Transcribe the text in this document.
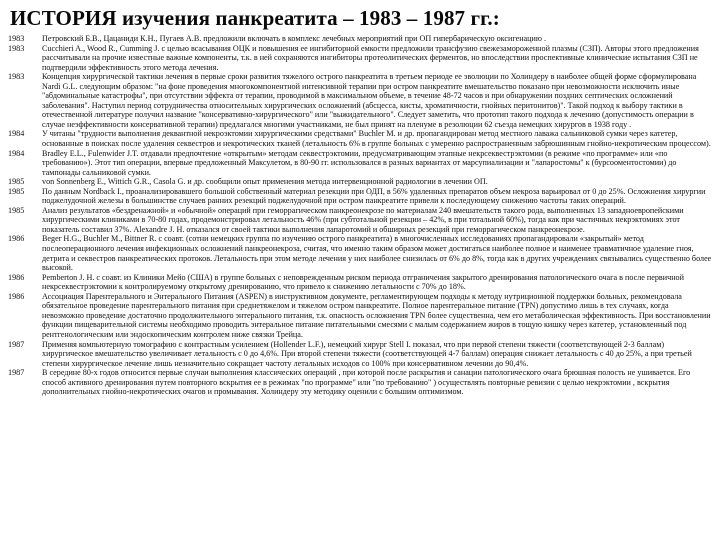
ИСТОРИЯ изучения панкреатита – 1983 – 1987 гг.:

1983 Петровский Б.В., Цацаниди К.Н., Пугаев А.В. предложили включать в комплекс лечебных мероприятий при ОП гипербарическую оксигенацию .

1983 Cucchieri A., Wood R., Cumming J. с целью всасывания ОЦК и повышения ее ингибиторной емкости предложили трансфузию свежезамороженной плазмы (СЗП). Авторы этого предложения рассчитывали на прочие известные важные компоненты, т.к. в ней сохраняются ингибиторы протеолитических ферментов, но впоследствии проспективные клинические испытания СЗП не подтвердили эффективность этого метода лечения.

1983 Концепция хирургической тактики лечения в первые сроки развития тяжелого острого панкреатита в третьем периоде ее эволюции по Холиндеру в наиболее общей форме сформулирована Nardi G.L. следующим образом: "на фоне проведения многокомпонентной интенсивной терапии при остром панкреатите вмешательство показано при невозможности исключить иные "абдоминальные катастрофы", при отсутствии эффекта от терапии, проводимой в максимальном объеме, в течение 48-72 часов и при обнаружении поздних септических осложнений заболевания". Наступил период сотрудничества относительных хирургических осложнений (абсцесса, кисты, хроматичности, гнойных перитонитов)". Такой подход к выбору тактики в отечественной литературе получил название "консервативно-хирургического" или "выжидательного". Следует заметить, что прототип такого подхода к лечению (допустимость операции в случае неэффективности консервативной терапии) предлагался многими участниками, не был принят на пленуме в резолюции 62 съезда немецких хирургов в 1938 году .

1984 У читаны "трудности выполнения деквантной некроэктомии хирургическими средствами" Buchler M. и др. пропагандирован метод местного лаважа сальниковой сумки через катетер, основанные в поисках после удаления секвестров и некротических тканей (летальность 6% в группе больных с умеренно распространенным забрюшинным гнойно-некротическим процессом).

1984 Bradley E.L., Fulenwider J.T. отдавали предпочтение «открытым» методам секвестрэктомии, предусматривающим этапные некрсеквестрэктомии (в режиме «по программе» или «по требованию»). Этот тип операции, впервые предложенный Максулетом, в 80-90 гг. использовался в разных вариантах от марсупиализации и "лапаростомы" к (бурсооментостомии) до тампонады сальниковой сумки.

1985 von Sonnenberg E., Wittich G.R., Casola G. и др. сообщили опыт применения метода интервенционной радиологии в лечении ОП.

1985 По данным Nordback I., проанализировавшего большой собственный материал резекции при ОДП, в 56% удаленных препаратов объем некроза варьировал от 0 до 25%. Осложнения хирургии поджелудочной железы в большинстве случаев ранних резекций поджелудочной при остром панкреатите привели к последующему снижению частоты таких операций.

1985 Анализ результатов «бездренажной» и «обычной» операций при геморрагическом панкреонекрозе по материалам 240 вмешательств такого рода, выполненных 13 западноевропейскими хирургическими клиниками в 70-80 годах, продемонстрировал летальность 46% (при субтотальной резекции – 42%, в при тотальной 60%), тогда как при частичных некрэктомиях этот показатель составил 37%. Alexandre J. H. отказался от своей тактики выполнения лапаротомий и обширных резекций при геморрагическом панкреонекрозе.

1986 Beger H.G., Buchler M., Bittner R. с соавт. (сотни немецких группа по изучению острого панкреатита) в многочисленных исследованиях пропагандировали «закрытый» метод послеоперационного лечения инфекционных осложнений панкреонекроза, считая, что именно таким образом может достигаться наиболее полное и наименее травматичное удаление гноя, детрита и секвестров панкреатических протоков. Летальность при этом методе лечения у них наиболее снизилась от 6% до 8%, тогда как в других учреждениях связывались существенно более высокой.

1986 Pemberton J. H. с соавт. из Клиники Мейо (США) в группе больных с неповрежденным риском периода отграничения закрытого дренирования патологического очага в после первичной некрсеквестрэктомии к контролируемому открытому дренированию, что привело к снижению летальности с 70% до 18%.

1986 Ассоциация Парентерального и Энтерального Питания (ASPEN) в инструктивном документе, регламентирующем подходы к методу нутриционной поддержки больных, рекомендовала обязательное проведение парентерального питания при среднетяжелом и тяжелом остром панкреатите. Полное парентеральное питание (ТPN) допустимо лишь в тех случаях, когда невозможно проведение достаточно продолжительного энтерального питания, т.к. опасность осложнения TPN более существенна, чем его метаболическая эффективность. При восстановлении функции пищеварительной системы необходимо проводить энтеральное питание питательными смесями с малым содержанием жиров в тощую кишку через катетер, установленный под рентгенологическим или эндоскопическим контролем ниже связки Трейца.

1987 Применяя компьютерную томографию с контрастным усилением (Hollender L.F.), немецкий хирург Stell I. показал, что при первой степени тяжести (соответствующей 2-3 баллам) хирургическое вмешательство увеличивает летальность с 0 до 4,6%. При второй степени тяжести (соответствующей 4-7 баллам) операция снижает летальность с 40 до 25%, а при третьей степени хирургическое лечение лишь незначительно сокращает частоту летальных исходов со 100% при консервативном лечении до 90,4%.

1987 В середине 80-х годов относится первые случаи выполнения классических операций , при которой после раскрытия и санации патологического очага брюшная полость не ушивается. Его способ активного дренирования путем повторного вскрытия ее в режимах "по программе" или "по требованию" ) осуществлять повторные ревизии с целью некрэктомии , вскрытия дополнительных гнойно-некротических очагов и промывания. Холиндеру эту методику оценили с большим оптимизмом.
